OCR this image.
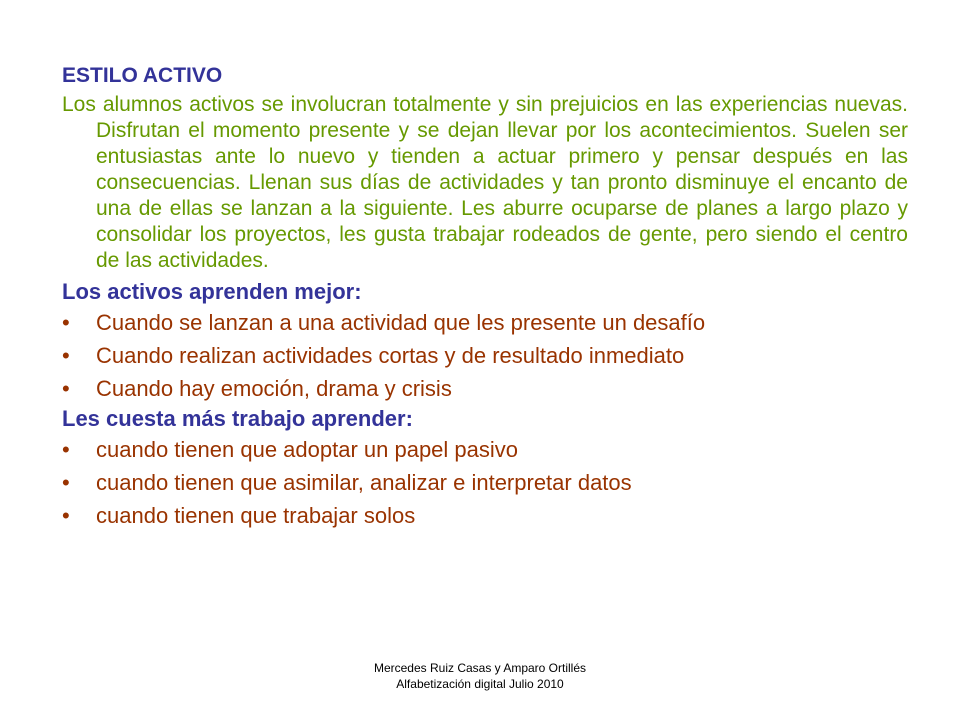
ESTILO ACTIVO

Los alumnos activos se involucran totalmente y sin prejuicios en las experiencias nuevas. Disfrutan el momento presente y se dejan llevar por los acontecimientos. Suelen ser entusiastas ante lo nuevo y tienden a actuar primero y pensar después en las consecuencias. Llenan sus días de actividades y tan pronto disminuye el encanto de una de ellas se lanzan a la siguiente. Les aburre ocuparse de planes a largo plazo y consolidar los proyectos, les gusta trabajar rodeados de gente, pero siendo el centro de las actividades.

Los activos aprenden mejor:
•	Cuando se lanzan a una actividad que les presente un desafío
•	Cuando realizan actividades cortas y de resultado inmediato
•	Cuando hay emoción, drama y crisis
Les cuesta más trabajo aprender:
•	cuando tienen que adoptar un papel pasivo
•	cuando tienen que asimilar, analizar e interpretar datos
•	cuando tienen que trabajar solos
Mercedes Ruiz Casas y Amparo Ortillés
Alfabetización digital Julio 2010
